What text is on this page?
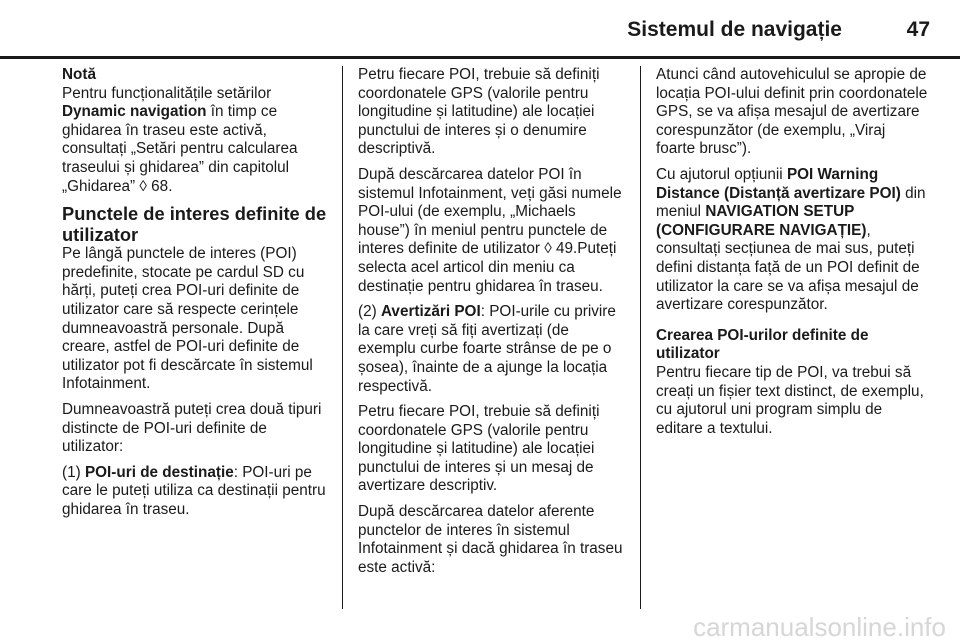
Sistemul de navigație	47

Notă
Pentru funcționalitățile setărilor Dynamic navigation în timp ce ghidarea în traseu este activă, consultați „Setări pentru calcularea traseului și ghidarea” din capitolul „Ghidarea” ◊ 68.

Punctele de interes definite de utilizator

Pe lângă punctele de interes (POI) predefinite, stocate pe cardul SD cu hărți, puteți crea POI-uri definite de utilizator care să respecte cerințele dumneavoastră personale. După creare, astfel de POI-uri definite de utilizator pot fi descărcate în sistemul Infotainment.

Dumneavoastră puteți crea două tipuri distincte de POI-uri definite de utilizator:

(1) POI-uri de destinație: POI-uri pe care le puteți utiliza ca destinații pentru ghidarea în traseu.

Petru fiecare POI, trebuie să definiți coordonatele GPS (valorile pentru longitudine și latitudine) ale locației punctului de interes și o denumire descriptivă.

După descărcarea datelor POI în sistemul Infotainment, veți găsi numele POI-ului (de exemplu, „Michaels house”) în meniul pentru punctele de interes definite de utilizator ◊ 49.Puteți selecta acel articol din meniu ca destinație pentru ghidarea în traseu.

(2) Avertizări POI: POI-urile cu privire la care vreți să fiți avertizați (de exemplu curbe foarte strânse de pe o șosea), înainte de a ajunge la locația respectivă.

Petru fiecare POI, trebuie să definiți coordonatele GPS (valorile pentru longitudine și latitudine) ale locației punctului de interes și un mesaj de avertizare descriptiv.

După descărcarea datelor aferente punctelor de interes în sistemul Infotainment și dacă ghidarea în traseu este activă:

Atunci când autovehiculul se apropie de locația POI-ului definit prin coordonatele GPS, se va afișa mesajul de avertizare corespunzător (de exemplu, „Viraj foarte brusc”).

Cu ajutorul opțiunii POI Warning Distance (Distanță avertizare POI) din meniul NAVIGATION SETUP (CONFIGURARE NAVIGAȚIE), consultați secțiunea de mai sus, puteți defini distanța față de un POI definit de utilizator la care se va afișa mesajul de avertizare corespunzător.

Crearea POI-urilor definite de utilizator

Pentru fiecare tip de POI, va trebui să creați un fișier text distinct, de exemplu, cu ajutorul uni program simplu de editare a textului.

carmanualsonline.info
